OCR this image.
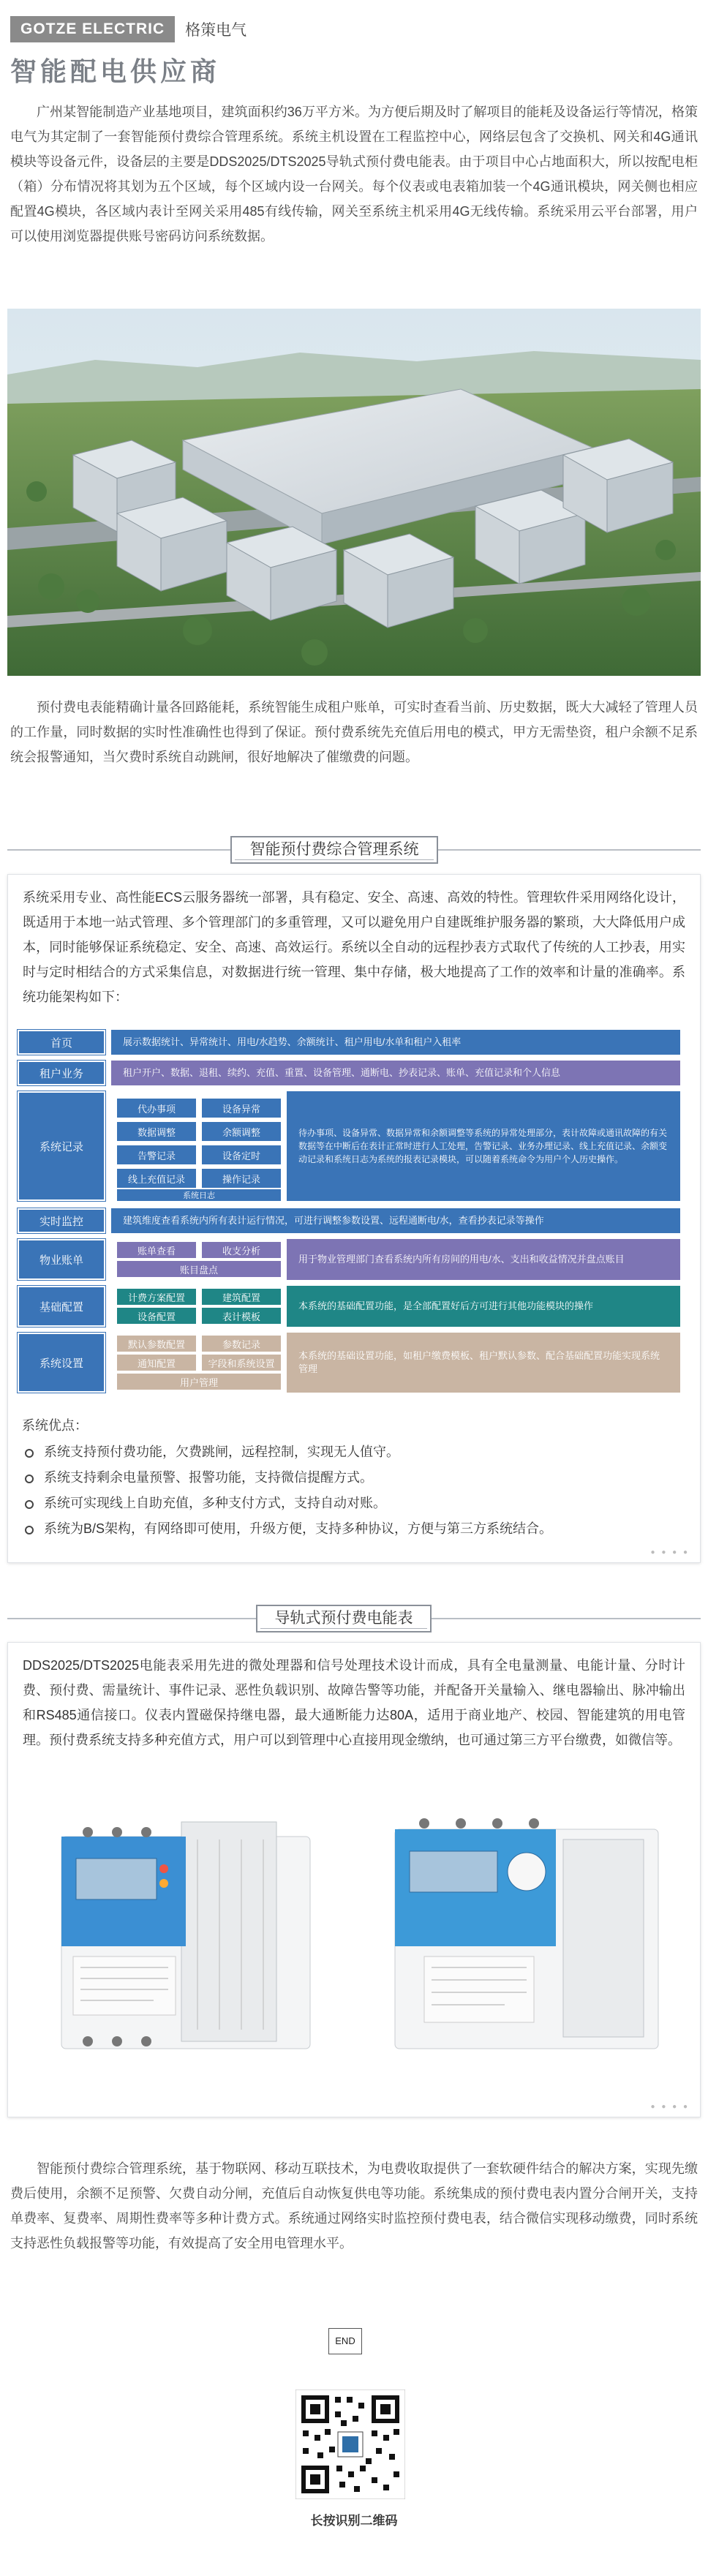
GOTZE ELECTRIC	格策电气
智能配电供应商

广州某智能制造产业基地项目，建筑面积约36万平方米。为方便后期及时了解项目的能耗及设备运行等情况，格策电气为其定制了一套智能预付费综合管理系统。系统主机设置在工程监控中心，网络层包含了交换机、网关和4G通讯模块等设备元件，设备层的主要是DDS2025/DTS2025导轨式预付费电能表。由于项目中心占地面积大，所以按配电柜（箱）分布情况将其划为五个区域，每个区域内设一台网关。每个仪表或电表箱加装一个4G通讯模块，网关侧也相应配置4G模块，各区域内表计至网关采用485有线传输，网关至系统主机采用4G无线传输。系统采用云平台部署，用户可以使用浏览器提供账号密码访问系统数据。

预付费电表能精确计量各回路能耗，系统智能生成租户账单，可实时查看当前、历史数据，既大大减轻了管理人员的工作量，同时数据的实时性准确性也得到了保证。预付费系统先充值后用电的模式，甲方无需垫资，租户余额不足系统会报警通知，当欠费时系统自动跳闸，很好地解决了催缴费的问题。

智能预付费综合管理系统

系统采用专业、高性能ECS云服务器统一部署，具有稳定、安全、高速、高效的特性。管理软件采用网络化设计，既适用于本地一站式管理、多个管理部门的多重管理，又可以避免用户自建既维护服务器的繁琐，大大降低用户成本，同时能够保证系统稳定、安全、高速、高效运行。系统以全自动的远程抄表方式取代了传统的人工抄表，用实时与定时相结合的方式采集信息，对数据进行统一管理、集中存储，极大地提高了工作的效率和计量的准确率。系统功能架构如下：

● ● ● ●
首页	展示数据统计、异常统计、用电/水趋势、余额统计、租户用电/水单和租户入租率
租户业务	租户开户、数据、退租、续约、充值、重置、设备管理、通断电、抄表记录、账单、充值记录和个人信息
系统记录
代办事项	设备异常
数据调整	余额调整
告警记录	设备定时
线上充值记录	操作记录
系统日志
待办事项、设备异常、数据异常和余额调整等系统的异常处理部分，表计故障或通讯故障的有关数据等在中断后在表计正常时进行人工处理，告警记录、业务办理记录、线上充值记录、余额变动记录和系统日志为系统的报表记录模块，可以随着系统命令为用户个人历史操作。
实时监控	建筑维度查看系统内所有表计运行情况，可进行调整参数设置、远程通断电/水，查看抄表记录等操作
物业账单
账单查看	收支分析
账目盘点
用于物业管理部门查看系统内所有房间的用电/水、支出和收益情况并盘点账目
基础配置
计费方案配置	建筑配置
设备配置	表计模板
本系统的基础配置功能，是全部配置好后方可进行其他功能模块的操作
系统设置
默认参数配置	参数记录
通知配置	字段和系统设置
用户管理
本系统的基础设置功能，如租户缴费模板、租户默认参数、配合基础配置功能实现系统管理
系统优点：
系统支持预付费功能，欠费跳闸，远程控制，实现无人值守。
系统支持剩余电量预警、报警功能，支持微信提醒方式。
系统可实现线上自助充值，多种支付方式，支持自动对账。
系统为B/S架构，有网络即可使用，升级方便，支持多种协议，方便与第三方系统结合。
导轨式预付费电能表

DDS2025/DTS2025电能表采用先进的微处理器和信号处理技术设计而成，具有全电量测量、电能计量、分时计费、预付费、需量统计、事件记录、恶性负载识别、故障告警等功能，并配备开关量输入、继电器输出、脉冲输出和RS485通信接口。仪表内置磁保持继电器，最大通断能力达80A，适用于商业地产、校园、智能建筑的用电管理。预付费系统支持多种充值方式，用户可以到管理中心直接用现金缴纳，也可通过第三方平台缴费，如微信等。

● ● ● ●

智能预付费综合管理系统，基于物联网、移动互联技术，为电费收取提供了一套软硬件结合的解决方案，实现先缴费后使用，余额不足预警、欠费自动分闸，充值后自动恢复供电等功能。系统集成的预付费电表内置分合闸开关，支持单费率、复费率、周期性费率等多种计费方式。系统通过网络实时监控预付费电表，结合微信实现移动缴费，同时系统支持恶性负载报警等功能，有效提高了安全用电管理水平。

END
长按识别二维码
